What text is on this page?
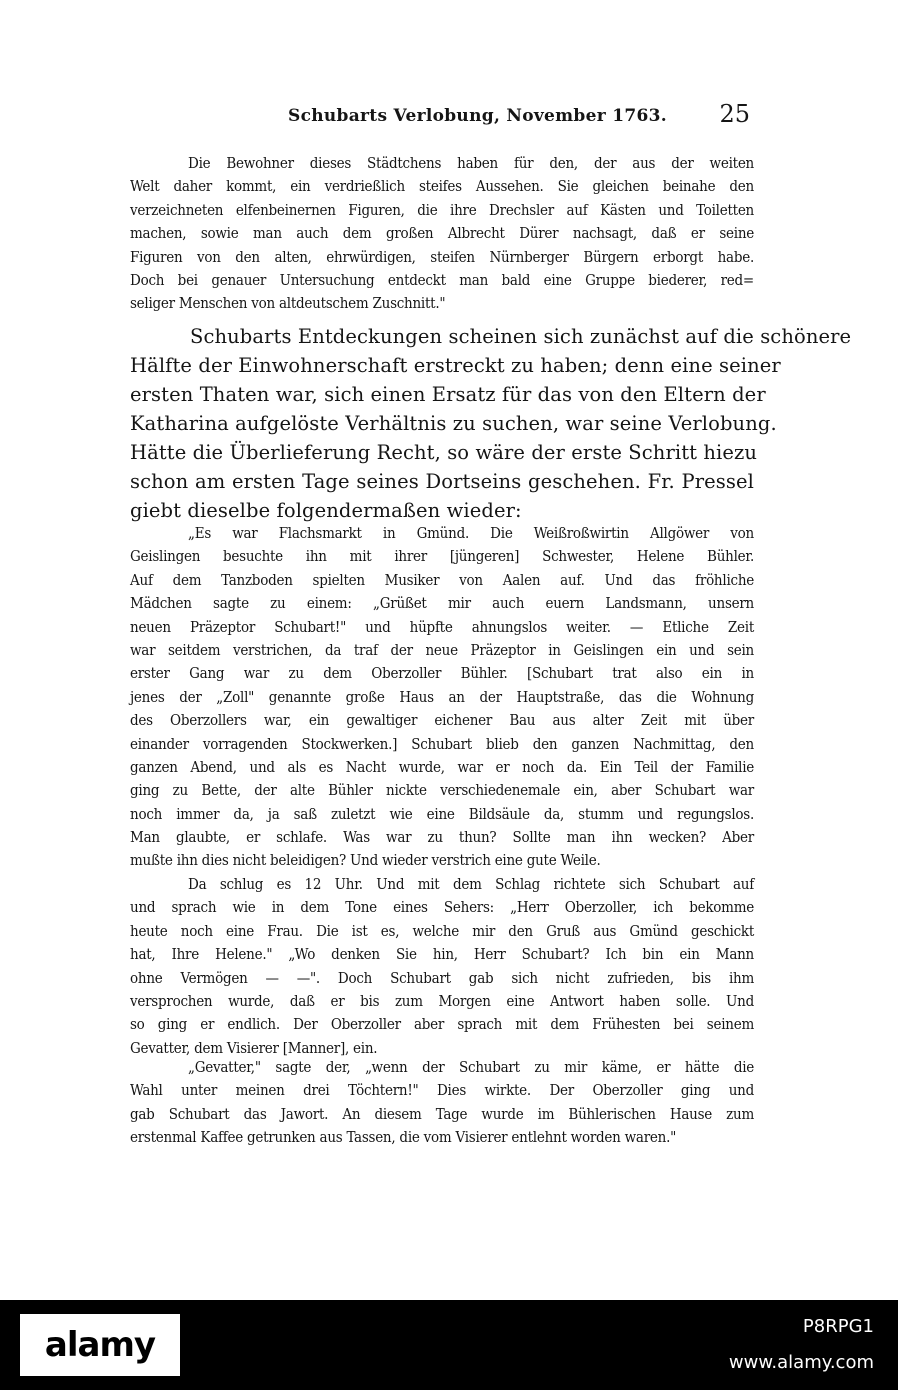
Schubarts Verlobung, November 1763. 25
Die Bewohner dieses Städtchens haben für den, der aus der weiten
Welt daher kommt, ein verdrießlich steifes Aussehen. Sie gleichen beinahe den
verzeichneten elfenbeinernen Figuren, die ihre Drechsler auf Kästen und Toiletten
machen, sowie man auch dem großen Albrecht Dürer nachsagt, daß er seine
Figuren von den alten, ehrwürdigen, steifen Nürnberger Bürgern erborgt habe.
Doch bei genauer Untersuchung entdeckt man bald eine Gruppe biederer, red=
seliger Menschen von altdeutschem Zuschnitt."
Schubarts Entdeckungen scheinen sich zunächst auf die schönere
Hälfte der Einwohnerschaft erstreckt zu haben; denn eine seiner
ersten Thaten war, sich einen Ersatz für das von den Eltern der
Katharina aufgelöste Verhältnis zu suchen, war seine Verlobung.
Hätte die Überlieferung Recht, so wäre der erste Schritt hiezu
schon am ersten Tage seines Dortseins geschehen. Fr. Pressel
giebt dieselbe folgendermaßen wieder:
„Es war Flachsmarkt in Gmünd. Die Weißroßwirtin Allgöwer von
Geislingen besuchte ihn mit ihrer [jüngeren] Schwester, Helene Bühler.
Auf dem Tanzboden spielten Musiker von Aalen auf. Und das fröhliche
Mädchen sagte zu einem: „Grüßet mir auch euern Landsmann, unsern
neuen Präzeptor Schubart!" und hüpfte ahnungslos weiter. — Etliche Zeit
war seitdem verstrichen, da traf der neue Präzeptor in Geislingen ein und sein
erster Gang war zu dem Oberzoller Bühler. [Schubart trat also ein in
jenes der „Zoll" genannte große Haus an der Hauptstraße, das die Wohnung
des Oberzollers war, ein gewaltiger eichener Bau aus alter Zeit mit über
einander vorragenden Stockwerken.] Schubart blieb den ganzen Nachmittag, den
ganzen Abend, und als es Nacht wurde, war er noch da. Ein Teil der Familie
ging zu Bette, der alte Bühler nickte verschiedenemale ein, aber Schubart war
noch immer da, ja saß zuletzt wie eine Bildsäule da, stumm und regungslos.
Man glaubte, er schlafe. Was war zu thun? Sollte man ihn wecken? Aber
mußte ihn dies nicht beleidigen? Und wieder verstrich eine gute Weile.
Da schlug es 12 Uhr. Und mit dem Schlag richtete sich Schubart auf
und sprach wie in dem Tone eines Sehers: „Herr Oberzoller, ich bekomme
heute noch eine Frau. Die ist es, welche mir den Gruß aus Gmünd geschickt
hat, Ihre Helene." „Wo denken Sie hin, Herr Schubart? Ich bin ein Mann
ohne Vermögen — —". Doch Schubart gab sich nicht zufrieden, bis ihm
versprochen wurde, daß er bis zum Morgen eine Antwort haben solle. Und
so ging er endlich. Der Oberzoller aber sprach mit dem Frühesten bei seinem
Gevatter, dem Visierer [Manner], ein.
„Gevatter," sagte der, „wenn der Schubart zu mir käme, er hätte die
Wahl unter meinen drei Töchtern!" Dies wirkte. Der Oberzoller ging und
gab Schubart das Jawort. An diesem Tage wurde im Bühlerischen Hause zum
erstenmal Kaffee getrunken aus Tassen, die vom Visierer entlehnt worden waren."
alamy	P8RPG1
www.alamy.com
